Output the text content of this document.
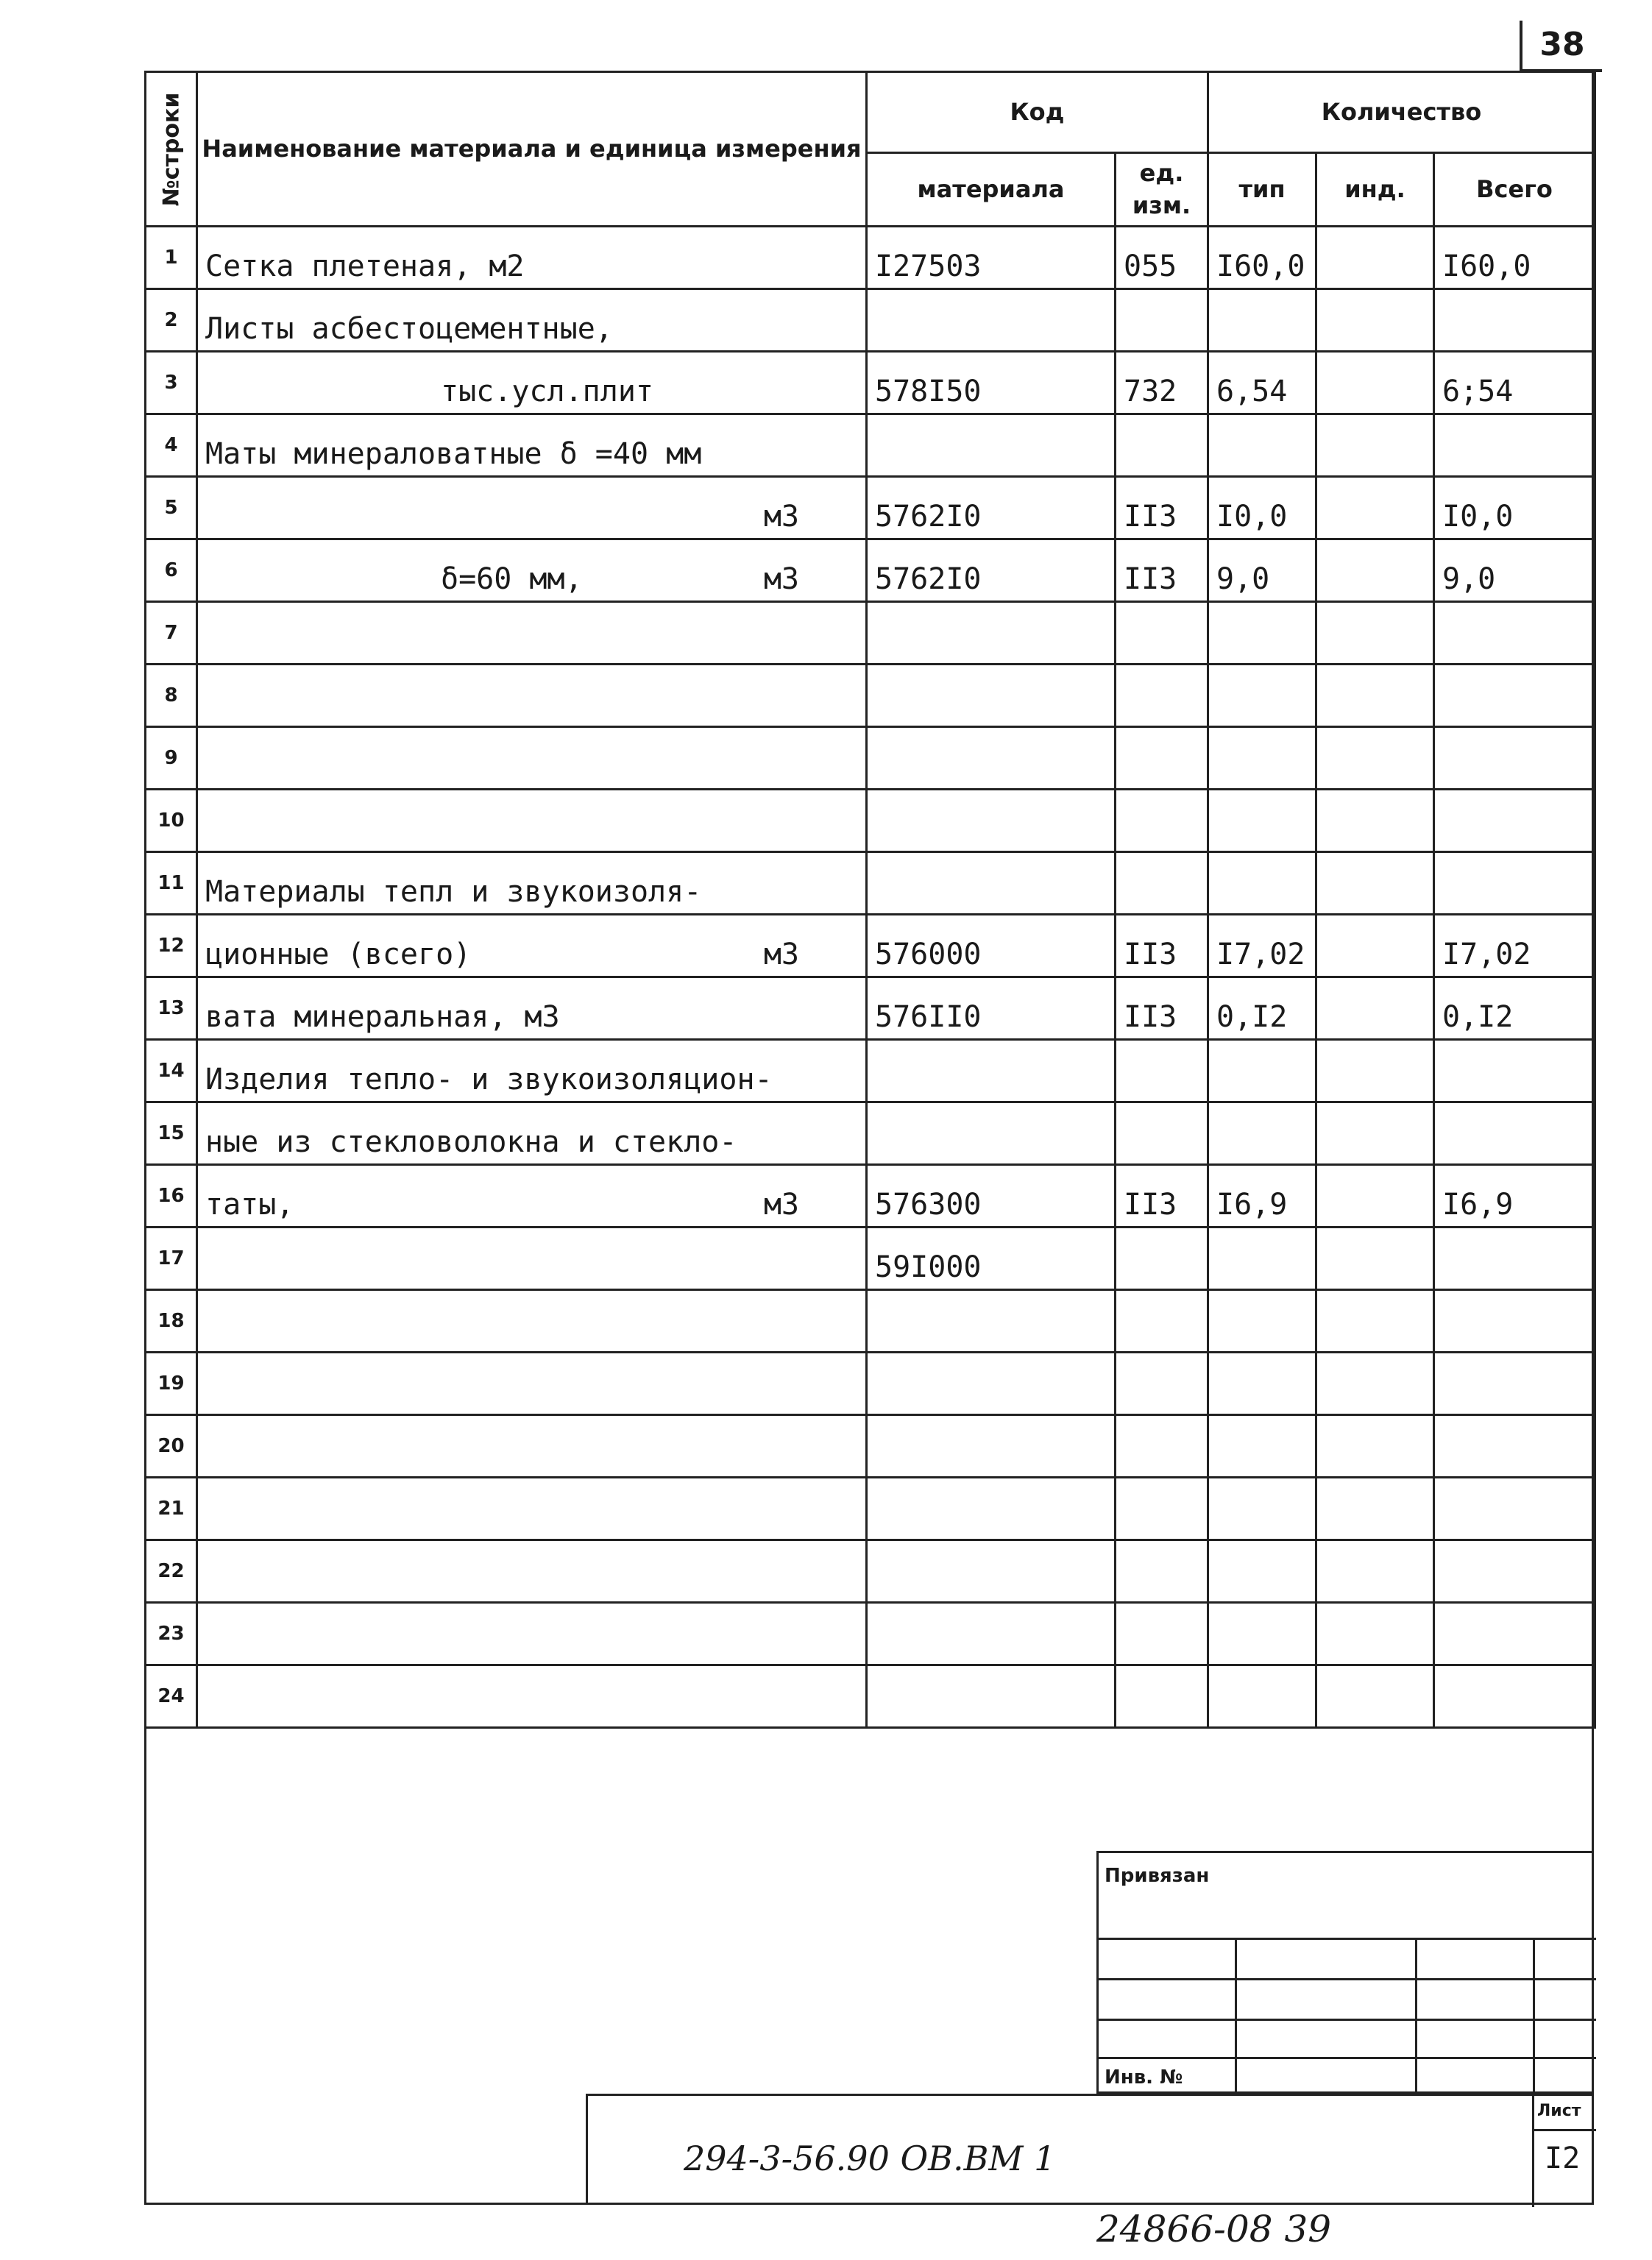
38
№строки	Наименование материала и единица измерения	Код		Количество		
		материала	ед. изм.	тип	инд.	Всего
1	Сетка плетеная, м2	I27503	055	I60,0		I60,0
2	Листы асбестоцементные,

3	тыс.усл.плит	578I50	732	6,54		6;54
4	Маты минераловатные δ =40 мм

5	м3	5762I0	II3	I0,0		I0,0
6	δ=60 мм, м3	5762I0	II3	9,0		9,0
7	

8	

9	

10	

11	Материалы тепл и звукоизоля-

12	ционные (всего) м3	576000	II3	I7,02		I7,02
13	вата минеральная, м3	576II0	II3	0,I2		0,I2
14	Изделия тепло- и звукоизоляцион-

15	ные из стекловолокна и стекло-

16	таты, м3	576300	II3	I6,9		I6,9
17		59I000				
18	

19	

20	

21	

22	

23	

24	

Привязан
Инв. №
Лист
I2
294-3-56.90 ОВ.ВМ 1
24866-08 39
